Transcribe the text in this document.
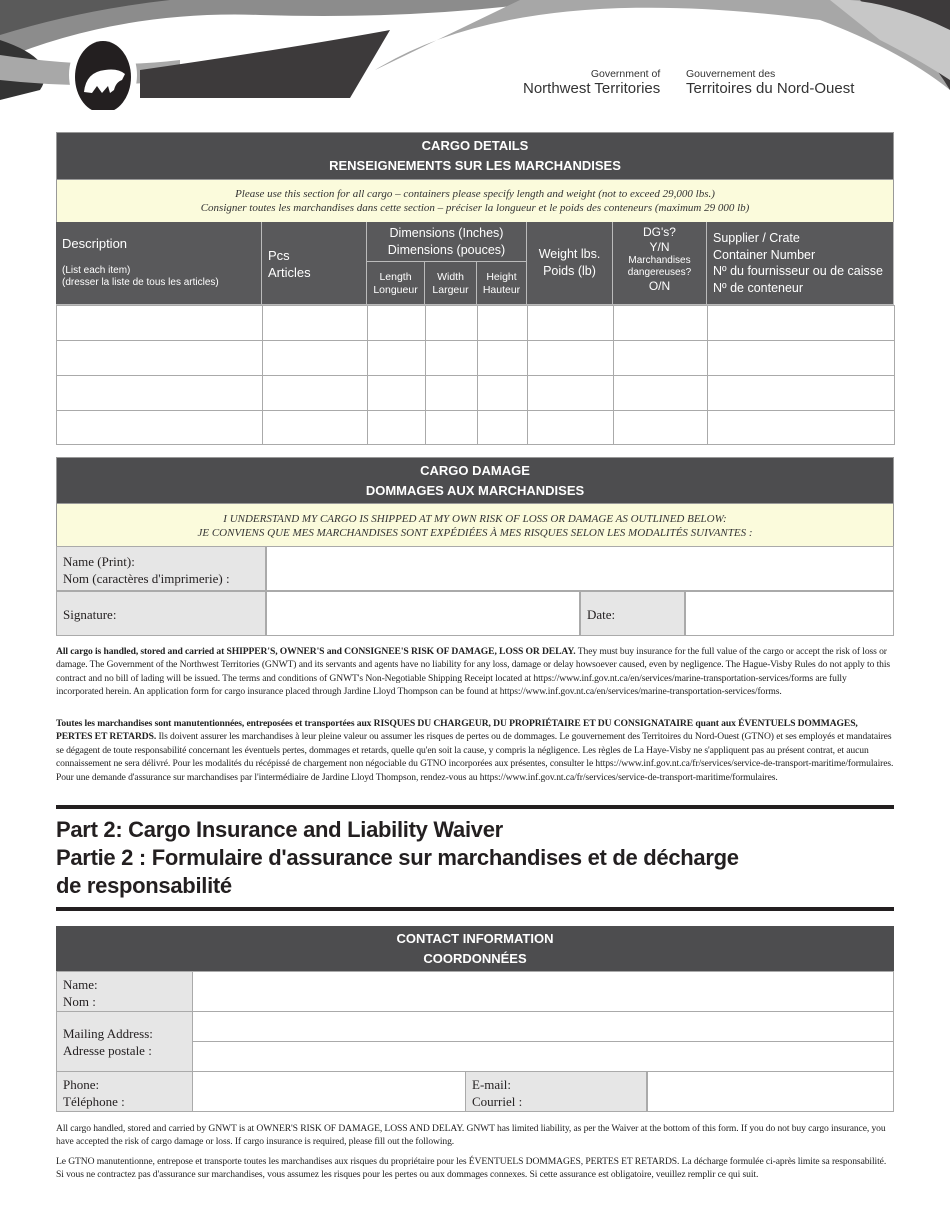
Government of
Northwest Territories
Gouvernement des
Territoires du Nord-Ouest
CARGO DETAILS
RENSEIGNEMENTS SUR LES MARCHANDISES
Please use this section for all cargo – containers please specify length and weight (not to exceed 29,000 lbs.)
Consigner toutes les marchandises dans cette section – préciser la longueur et le poids des conteneurs (maximum 29 000 lb)
Description
(List each item)
(dresser la liste de tous les articles)
Pcs
Articles
Dimensions (Inches)
Dimensions (pouces)
Length
Longueur
Width
Largeur
Height
Hauteur
Weight lbs.
Poids (lb)
DG's?
Y/N
Marchandises dangereuses?
O/N
Supplier / Crate
Container Number
Nº du fournisseur ou de caisse
Nº de conteneur
CARGO DAMAGE
DOMMAGES AUX MARCHANDISES
I UNDERSTAND MY CARGO IS SHIPPED AT MY OWN RISK OF LOSS OR DAMAGE AS OUTLINED BELOW:
JE CONVIENS QUE MES MARCHANDISES SONT EXPÉDIÉES À MES RISQUES SELON LES MODALITÉS SUIVANTES :
Name (Print):
Nom (caractères d'imprimerie) :
Signature:	Date:
All cargo is handled, stored and carried at SHIPPER'S, OWNER'S and CONSIGNEE'S RISK OF DAMAGE, LOSS OR DELAY. They must buy insurance for the full value of the cargo or accept the risk of loss or damage. The Government of the Northwest Territories (GNWT) and its servants and agents have no liability for any loss, damage or delay howsoever caused, even by negligence. The Hague-Visby Rules do not apply to this contract and no bill of lading will be issued. The terms and conditions of GNWT's Non-Negotiable Shipping Receipt located at https://www.inf.gov.nt.ca/en/services/marine-transportation-services/forms are fully incorporated herein. An application form for cargo insurance placed through Jardine Lloyd Thompson can be found at https://www.inf.gov.nt.ca/en/services/marine-transportation-services/forms.
Toutes les marchandises sont manutentionnées, entreposées et transportées aux RISQUES DU CHARGEUR, DU PROPRIÉTAIRE ET DU CONSIGNATAIRE quant aux ÉVENTUELS DOMMAGES, PERTES ET RETARDS. Ils doivent assurer les marchandises à leur pleine valeur ou assumer les risques de pertes ou de dommages. Le gouvernement des Territoires du Nord-Ouest (GTNO) et ses employés et mandataires se dégagent de toute responsabilité concernant les éventuels pertes, dommages et retards, quelle qu'en soit la cause, y compris la négligence. Les règles de La Haye-Visby ne s'appliquent pas au présent contrat, et aucun connaissement ne sera délivré. Pour les modalités du récépissé de chargement non négociable du GTNO incorporées aux présentes, consulter le https://www.inf.gov.nt.ca/fr/services/service-de-transport-maritime/formulaires. Pour une demande d'assurance sur marchandises par l'intermédiaire de Jardine Lloyd Thompson, rendez-vous au https://www.inf.gov.nt.ca/fr/services/service-de-transport-maritime/formulaires.
Part 2: Cargo Insurance and Liability Waiver
Partie 2 : Formulaire d'assurance sur marchandises et de décharge
de responsabilité
CONTACT INFORMATION
COORDONNÉES
Name:
Nom :
Mailing Address:
Adresse postale :
Phone:
Téléphone :
E-mail:
Courriel :
All cargo handled, stored and carried by GNWT is at OWNER'S RISK OF DAMAGE, LOSS AND DELAY. GNWT has limited liability, as per the Waiver at the bottom of this form. If you do not buy cargo insurance, you have accepted the risk of cargo damage or loss. If cargo insurance is required, please fill out the following.
Le GTNO manutentionne, entrepose et transporte toutes les marchandises aux risques du propriétaire pour les ÉVENTUELS DOMMAGES, PERTES ET RETARDS. La décharge formulée ci-après limite sa responsabilité. Si vous ne contractez pas d'assurance sur marchandises, vous assumez les risques pour les pertes ou aux dommages connexes. Si cette assurance est obligatoire, veuillez remplir ce qui suit.
